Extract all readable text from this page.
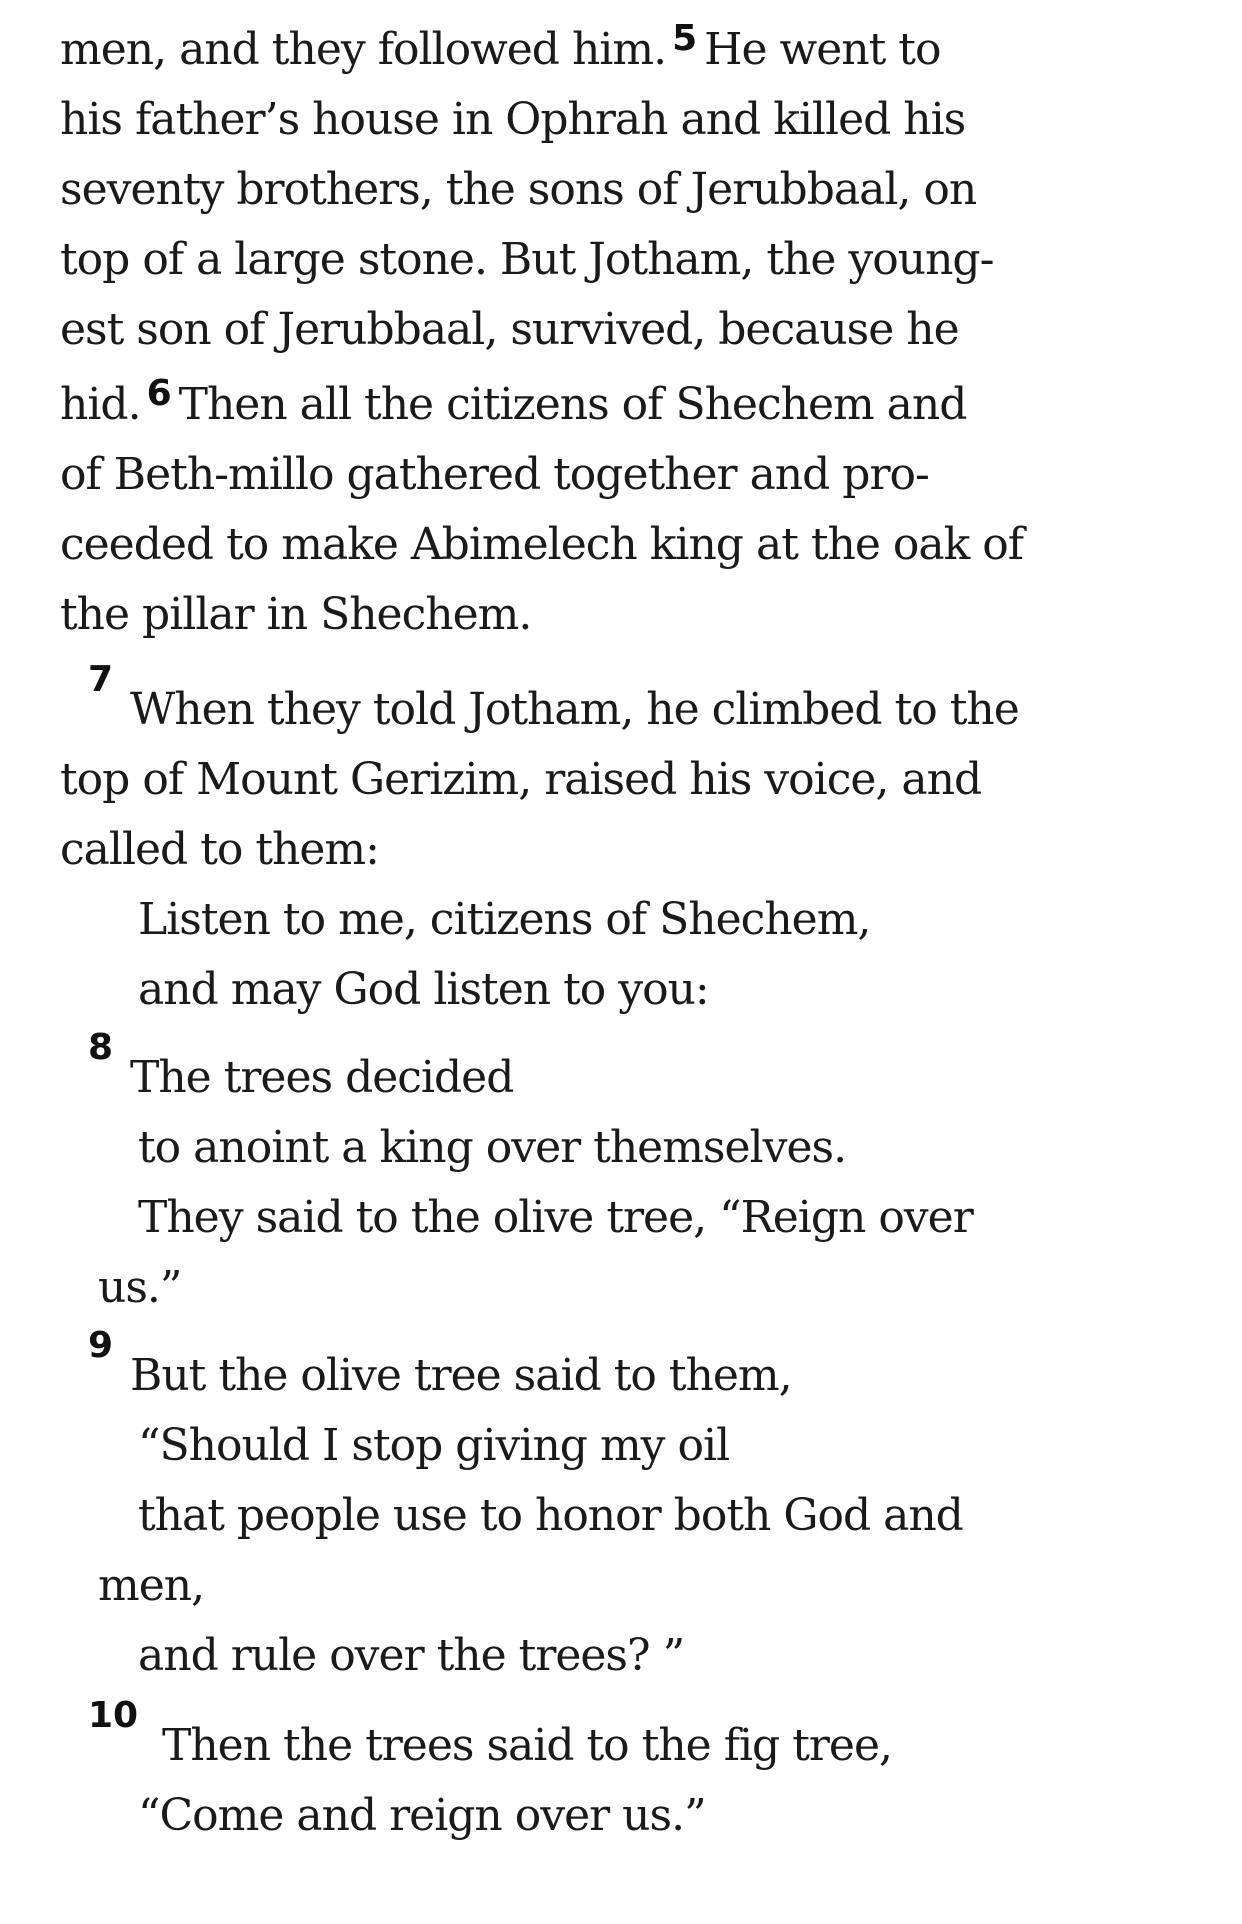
men, and they followed him. $^5$ He went to
his father’s house in Ophrah and killed his
seventy brothers, the sons of Jerubbaal, on
top of a large stone. But Jotham, the young-
est son of Jerubbaal, survived, because he
hid. $^6$ Then all the citizens of Shechem and
of Beth-millo gathered together and pro-
ceeded to make Abimelech king at the oak of
the pillar in Shechem.
7
When they told Jotham, he climbed to the
top of Mount Gerizim, raised his voice, and
called to them:
Listen to me, citizens of Shechem,
and may God listen to you:
8
The trees decided
to anoint a king over themselves.
They said to the olive tree, “Reign over
us.”
9
But the olive tree said to them,
“Should I stop giving my oil
that people use to honor both God and
men,
and rule over the trees? ”
10
Then the trees said to the fig tree,
“Come and reign over us.”
